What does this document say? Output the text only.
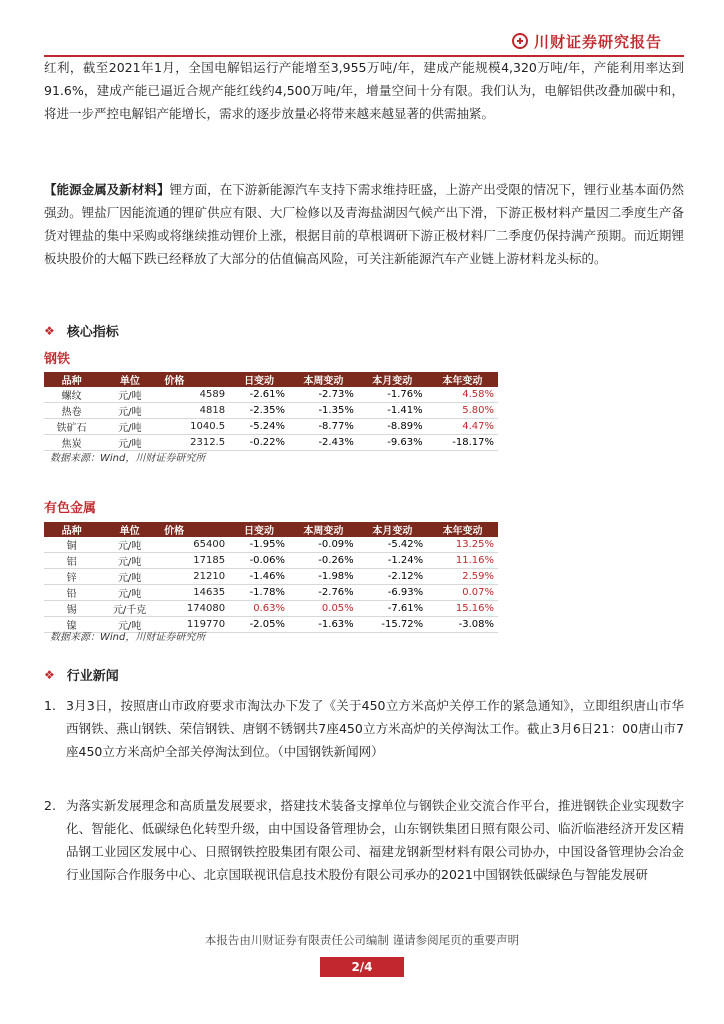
川财证券研究报告
红利，截至2021年1月，全国电解铝运行产能增至3,955万吨/年，建成产能规模4,320万吨/年，产能利用率达到91.6%，建成产能已逼近合规产能红线约4,500万吨/年，增量空间十分有限。我们认为，电解铝供改叠加碳中和，将进一步严控电解铝产能增长，需求的逐步放量必将带来越来越显著的供需抽紧。
【能源金属及新材料】锂方面，在下游新能源汽车支持下需求维持旺盛，上游产出受限的情况下，锂行业基本面仍然强劲。锂盐厂因能流通的锂矿供应有限、大厂检修以及青海盐湖因气候产出下滑，下游正极材料产量因二季度生产备货对锂盐的集中采购或将继续推动锂价上涨，根据目前的草根调研下游正极材料厂二季度仍保持满产预期。而近期锂板块股价的大幅下跌已经释放了大部分的估值偏高风险，可关注新能源汽车产业链上游材料龙头标的。
❖ 核心指标
钢铁
品种	单位	价格	日变动	本周变动	本月变动	本年变动
螺纹	元/吨	4589	-2.61%	-2.73%	-1.76%	4.58%
热卷	元/吨	4818	-2.35%	-1.35%	-1.41%	5.80%
铁矿石	元/吨	1040.5	-5.24%	-8.77%	-8.89%	4.47%
焦炭	元/吨	2312.5	-0.22%	-2.43%	-9.63%	-18.17%
数据来源：Wind，川财证券研究所
有色金属
品种	单位	价格	日变动	本周变动	本月变动	本年变动
铜	元/吨	65400	-1.95%	-0.09%	-5.42%	13.25%
铝	元/吨	17185	-0.06%	-0.26%	-1.24%	11.16%
锌	元/吨	21210	-1.46%	-1.98%	-2.12%	2.59%
铅	元/吨	14635	-1.78%	-2.76%	-6.93%	0.07%
锡	元/千克	174080	0.63%	0.05%	-7.61%	15.16%
镍	元/吨	119770	-2.05%	-1.63%	-15.72%	-3.08%
数据来源：Wind，川财证券研究所
❖ 行业新闻
1. 3月3日，按照唐山市政府要求市淘汰办下发了《关于450立方米高炉关停工作的紧急通知》，立即组织唐山市华西钢铁、燕山钢铁、荣信钢铁、唐钢不锈钢共7座450立方米高炉的关停淘汰工作。截止3月6日21：00唐山市7座450立方米高炉全部关停淘汰到位。（中国钢铁新闻网）
2. 为落实新发展理念和高质量发展要求，搭建技术装备支撑单位与钢铁企业交流合作平台，推进钢铁企业实现数字化、智能化、低碳绿色化转型升级，由中国设备管理协会，山东钢铁集团日照有限公司、临沂临港经济开发区精品钢工业园区发展中心、日照钢铁控股集团有限公司、福建龙钢新型材料有限公司协办，中国设备管理协会冶金行业国际合作服务中心、北京国联视讯信息技术股份有限公司承办的2021中国钢铁低碳绿色与智能发展研
本报告由川财证券有限责任公司编制 谨请参阅尾页的重要声明
2/4
